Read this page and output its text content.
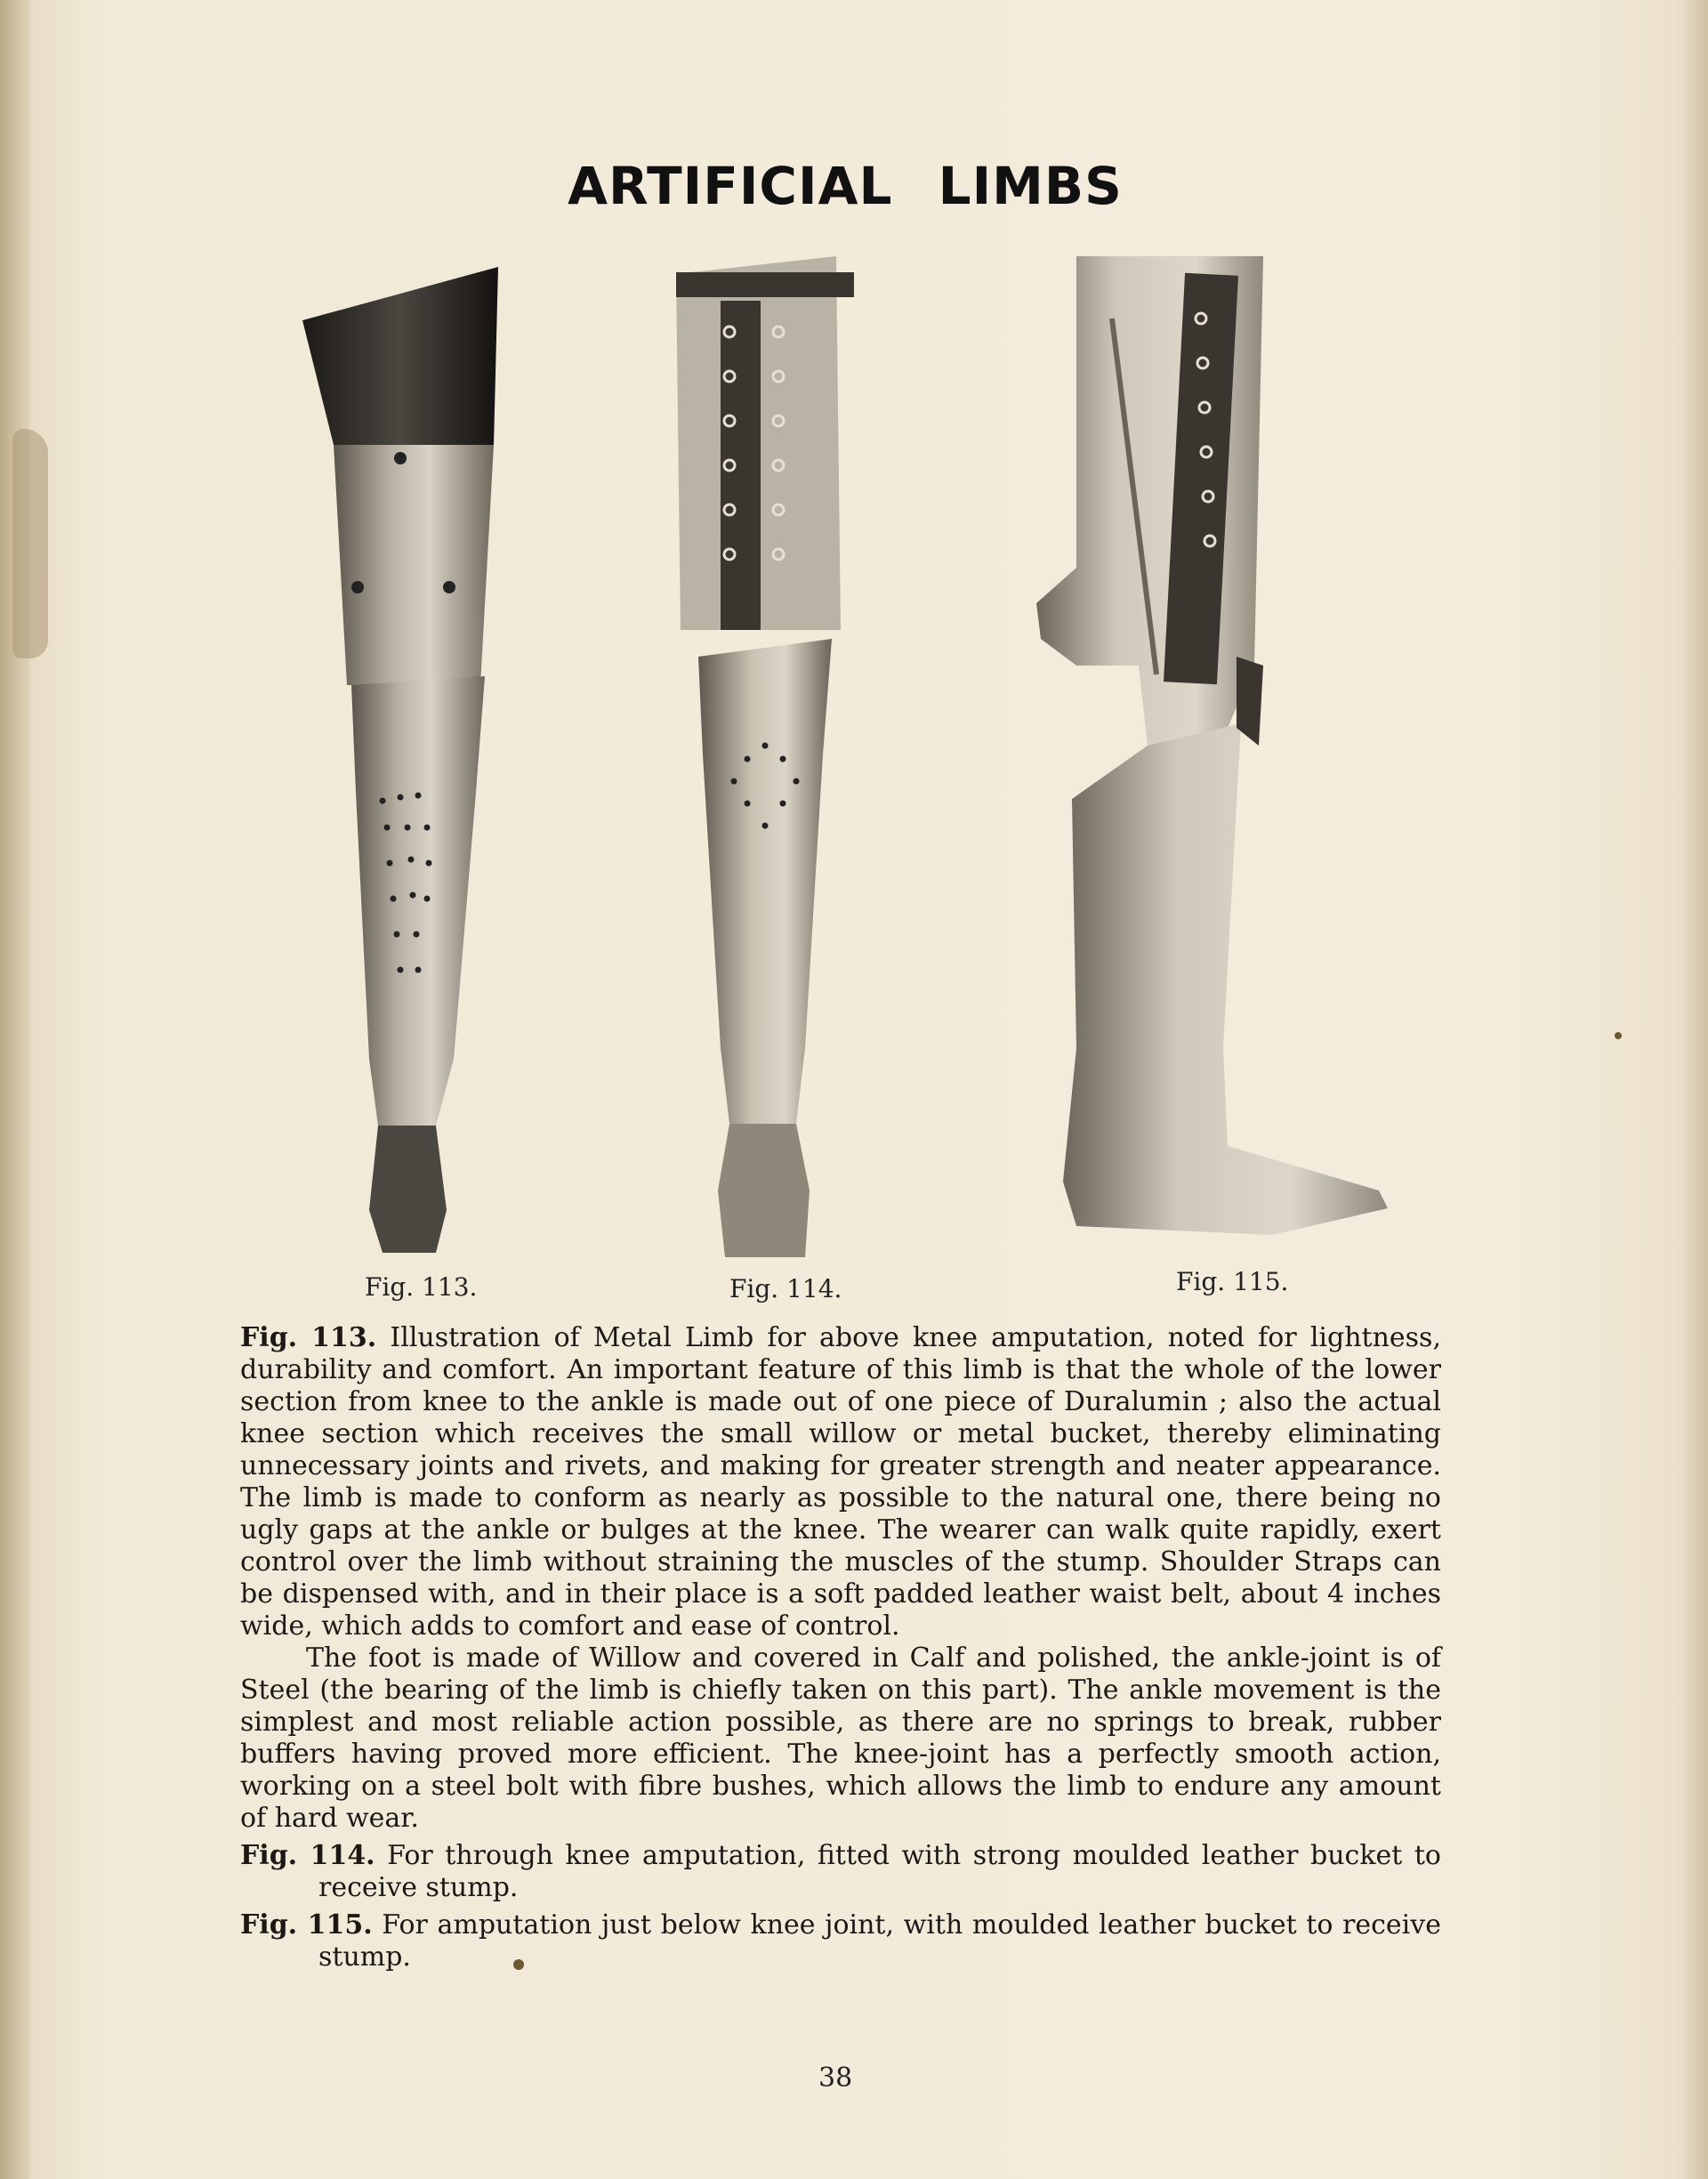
ARTIFICIAL LIMBS
Fig. 113.	Fig. 114.	Fig. 115.

Fig. 113. Illustration of Metal Limb for above knee amputation, noted for lightness, durability and comfort. An important feature of this limb is that the whole of the lower section from knee to the ankle is made out of one piece of Duralumin ; also the actual knee section which receives the small willow or metal bucket, thereby eliminating unnecessary joints and rivets, and making for greater strength and neater appearance. The limb is made to conform as nearly as possible to the natural one, there being no ugly gaps at the ankle or bulges at the knee. The wearer can walk quite rapidly, exert control over the limb without straining the muscles of the stump. Shoulder Straps can be dispensed with, and in their place is a soft padded leather waist belt, about 4 inches wide, which adds to comfort and ease of control.

The foot is made of Willow and covered in Calf and polished, the ankle-joint is of Steel (the bearing of the limb is chiefly taken on this part). The ankle movement is the simplest and most reliable action possible, as there are no springs to break, rubber buffers having proved more efficient. The knee-joint has a perfectly smooth action, working on a steel bolt with fibre bushes, which allows the limb to endure any amount of hard wear.

Fig. 114. For through knee amputation, fitted with strong moulded leather bucket to receive stump.

Fig. 115. For amputation just below knee joint, with moulded leather bucket to receive stump.

38
